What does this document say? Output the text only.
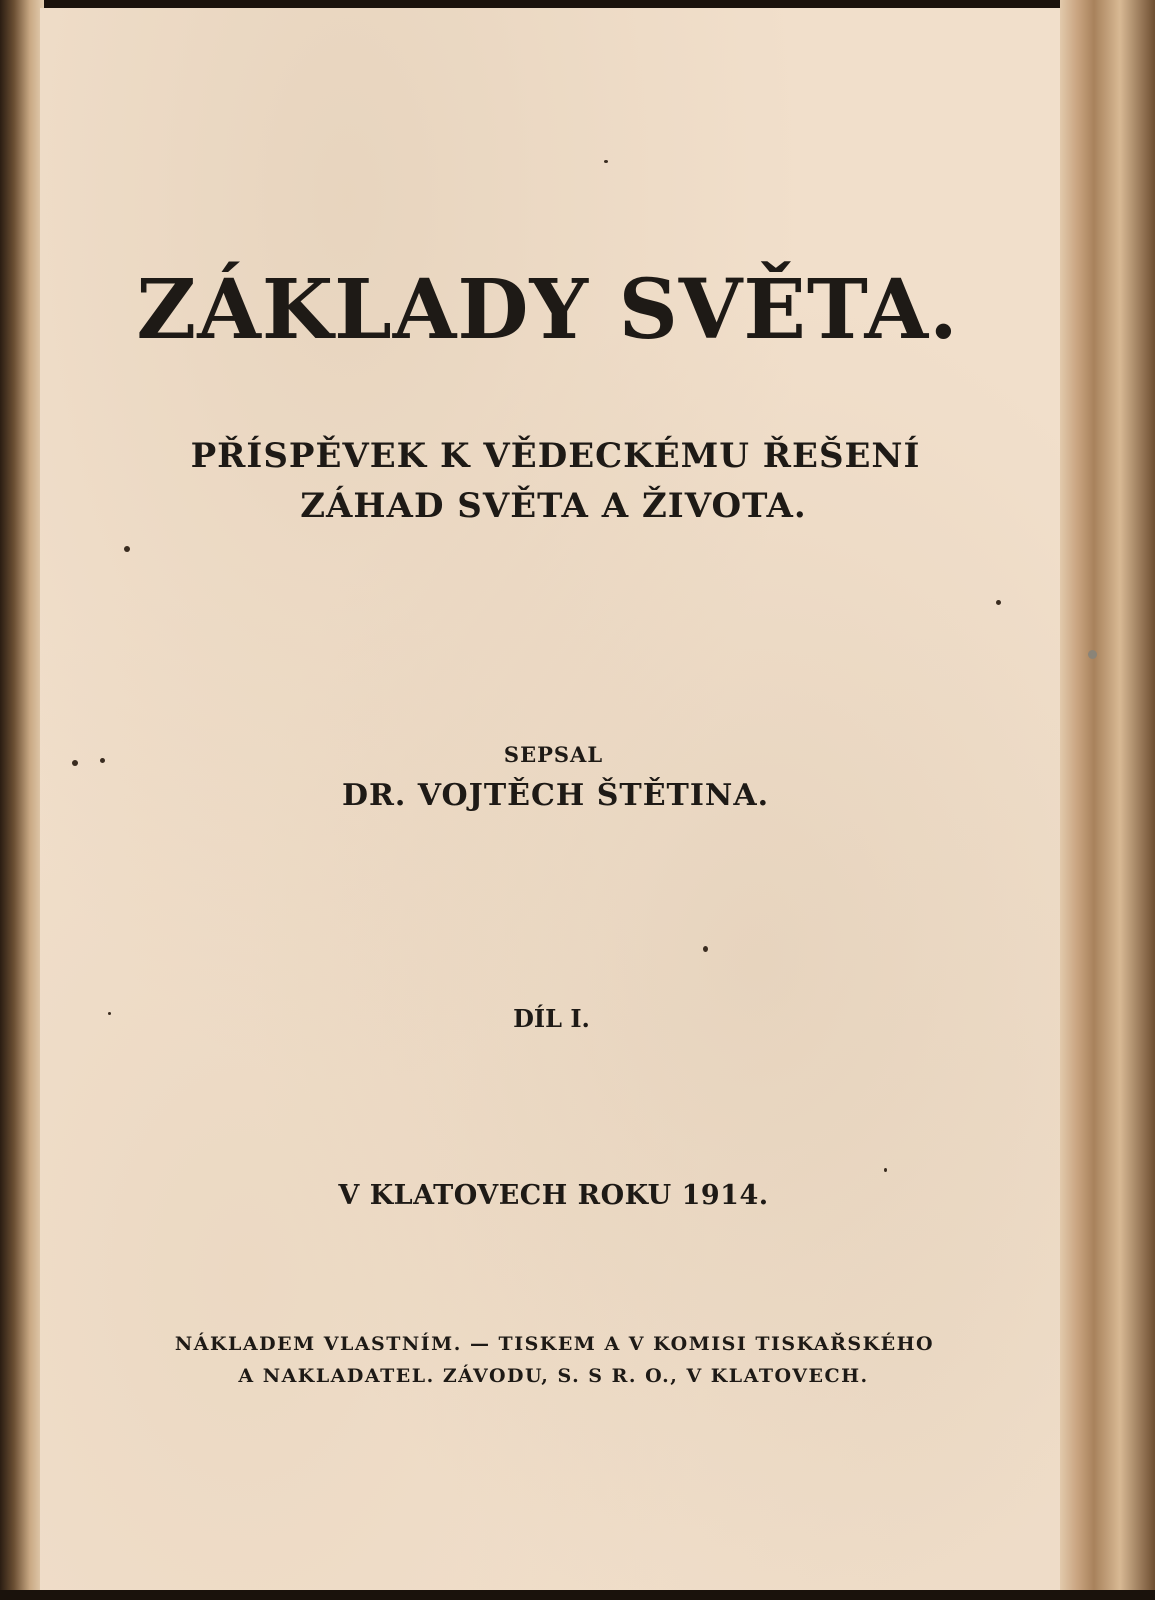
ZÁKLADY SVĚTA.
PŘÍSPĚVEK K VĚDECKÉMU ŘEŠENÍ
ZÁHAD SVĚTA A ŽIVOTA.
SEPSAL
DR. VOJTĚCH ŠTĚTINA.
DÍL I.
V KLATOVECH ROKU 1914.
NÁKLADEM VLASTNÍM. — TISKEM A V KOMISI TISKAŘSKÉHO
A NAKLADATEL. ZÁVODU, S. S R. O., V KLATOVECH.
